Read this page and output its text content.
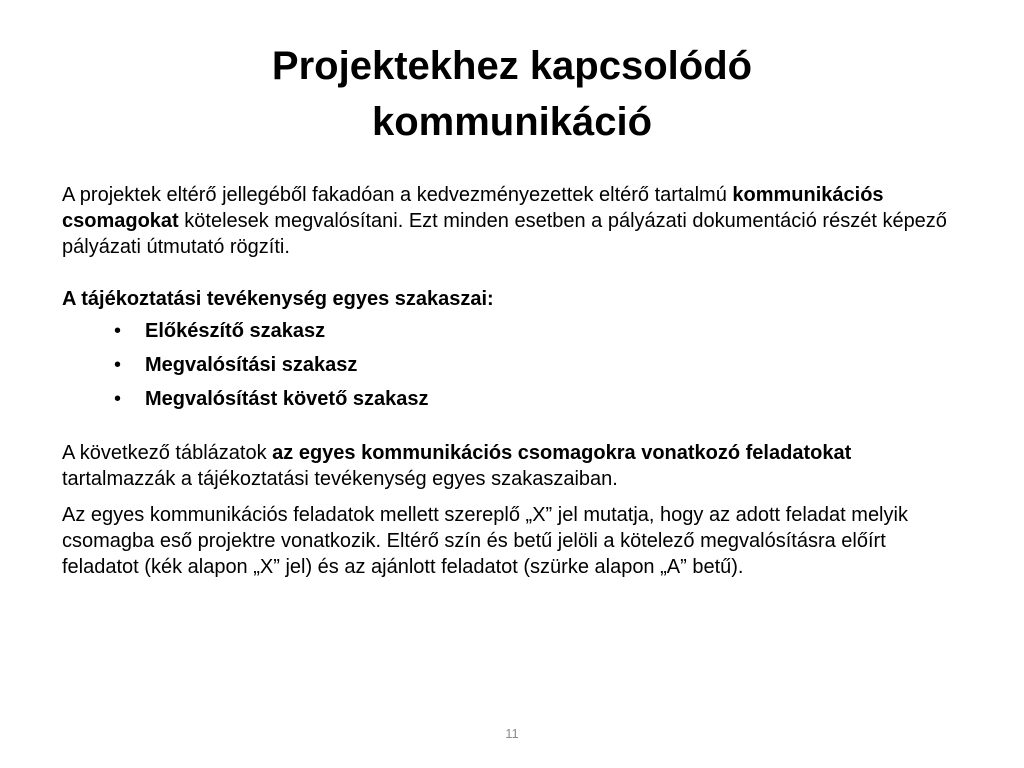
Projektekhez kapcsolódó
kommunikáció

A projektek eltérő jellegéből fakadóan a kedvezményezettek eltérő tartalmú kommunikációs csomagokat kötelesek megvalósítani. Ezt minden esetben a pályázati dokumentáció részét képező pályázati útmutató rögzíti.

A tájékoztatási tevékenység egyes szakaszai:

• Előkészítő szakasz
• Megvalósítási szakasz
• Megvalósítást követő szakasz

A következő táblázatok az egyes kommunikációs csomagokra vonatkozó feladatokat tartalmazzák a tájékoztatási tevékenység egyes szakaszaiban.

Az egyes kommunikációs feladatok mellett szereplő „X” jel mutatja, hogy az adott feladat melyik csomagba eső projektre vonatkozik. Eltérő szín és betű jelöli a kötelező megvalósításra előírt feladatot (kék alapon „X” jel) és az ajánlott feladatot (szürke alapon „A” betű).

11
